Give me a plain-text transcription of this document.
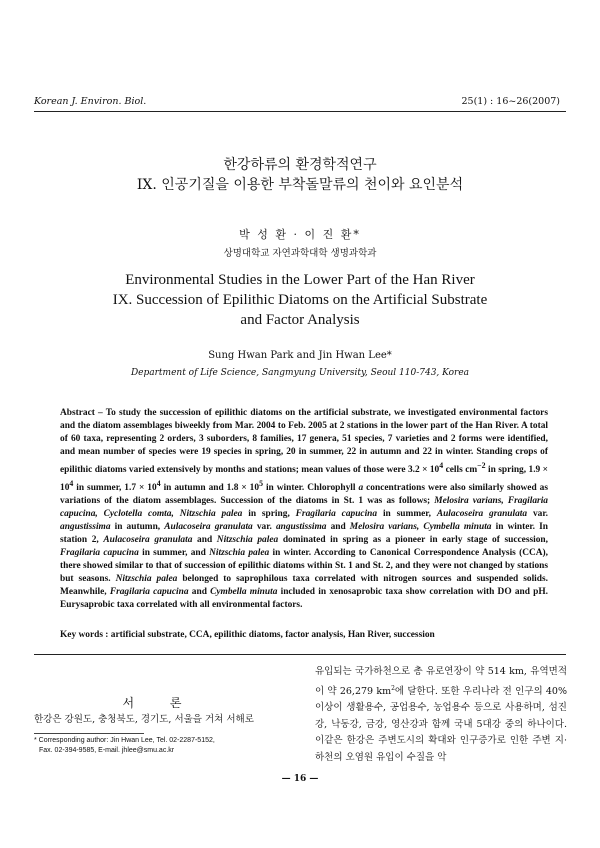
Korean J. Environ. Biol.	25(1) : 16~26(2007)
한강하류의 환경학적연구
IX. 인공기질을 이용한 부착돌말류의 천이와 요인분석
박 성 환 · 이 진 환*
상명대학교 자연과학대학 생명과학과
Environmental Studies in the Lower Part of the Han River
IX. Succession of Epilithic Diatoms on the Artificial Substrate
and Factor Analysis
Sung Hwan Park and Jin Hwan Lee*
Department of Life Science, Sangmyung University, Seoul 110-743, Korea

Abstract – To study the succession of epilithic diatoms on the artificial substrate, we investigated environmental factors and the diatom assemblages biweekly from Mar. 2004 to Feb. 2005 at 2 stations in the lower part of the Han River. A total of 60 taxa, representing 2 orders, 3 suborders, 8 families, 17 genera, 51 species, 7 varieties and 2 forms were identified, and mean number of species were 19 species in spring, 20 in summer, 22 in autumn and 22 in winter. Standing crops of epilithic diatoms varied extensively by months and stations; mean values of those were $3.2 \times 10^4$ cells $cm^{-2}$ in spring, $1.9 \times 10^4$ in summer, $1.7 \times 10^4$ in autumn and $1.8 \times 10^5$ in winter. Chlorophyll a concentrations were also similarly showed as variations of the diatom assemblages. Succession of the diatoms in St. 1 was as follows; Melosira varians, Fragilaria capucina, Cyclotella comta, Nitzschia palea in spring, Fragilaria capucina in summer, Aulacoseira granulata var. angustissima in autumn, Aulacoseira granulata var. angustissima and Melosira varians, Cymbella minuta in winter. In station 2, Aulacoseira granulata and Nitzschia palea dominated in spring as a pioneer in early stage of succession, Fragilaria capucina in summer, and Nitzschia palea in winter. According to Canonical Correspondence Analysis (CCA), there showed similar to that of succession of epilithic diatoms within St. 1 and St. 2, and they were not changed by stations but seasons. Nitzschia palea belonged to saprophilous taxa correlated with nitrogen sources and suspended solids. Meanwhile, Fragilaria capucina and Cymbella minuta included in xenosaprobic taxa show correlation with DO and pH. Eurysaprobic taxa correlated with all environmental factors.

Key words : artificial substrate, CCA, epilithic diatoms, factor analysis, Han River, succession
서 론

한강은 강원도, 충청북도, 경기도, 서울을 거쳐 서해로

* Corresponding author: Jin Hwan Lee, Tel. 02-2287-5152,
Fax. 02-394-9585, E-mail. jhlee@smu.ac.kr

유입되는 국가하천으로 총 유로연장이 약 514 km, 유역면적이 약 26,279 $km^2$에 달한다. 또한 우리나라 전 인구의 40% 이상이 생활용수, 공업용수, 농업용수 등으로 사용하며, 섬진강, 낙동강, 금강, 영산강과 함께 국내 5대강 중의 하나이다. 이같은 한강은 주변도시의 확대와 인구증가로 인한 주변 지·하천의 오염원 유입이 수질을 악

— 16 —
